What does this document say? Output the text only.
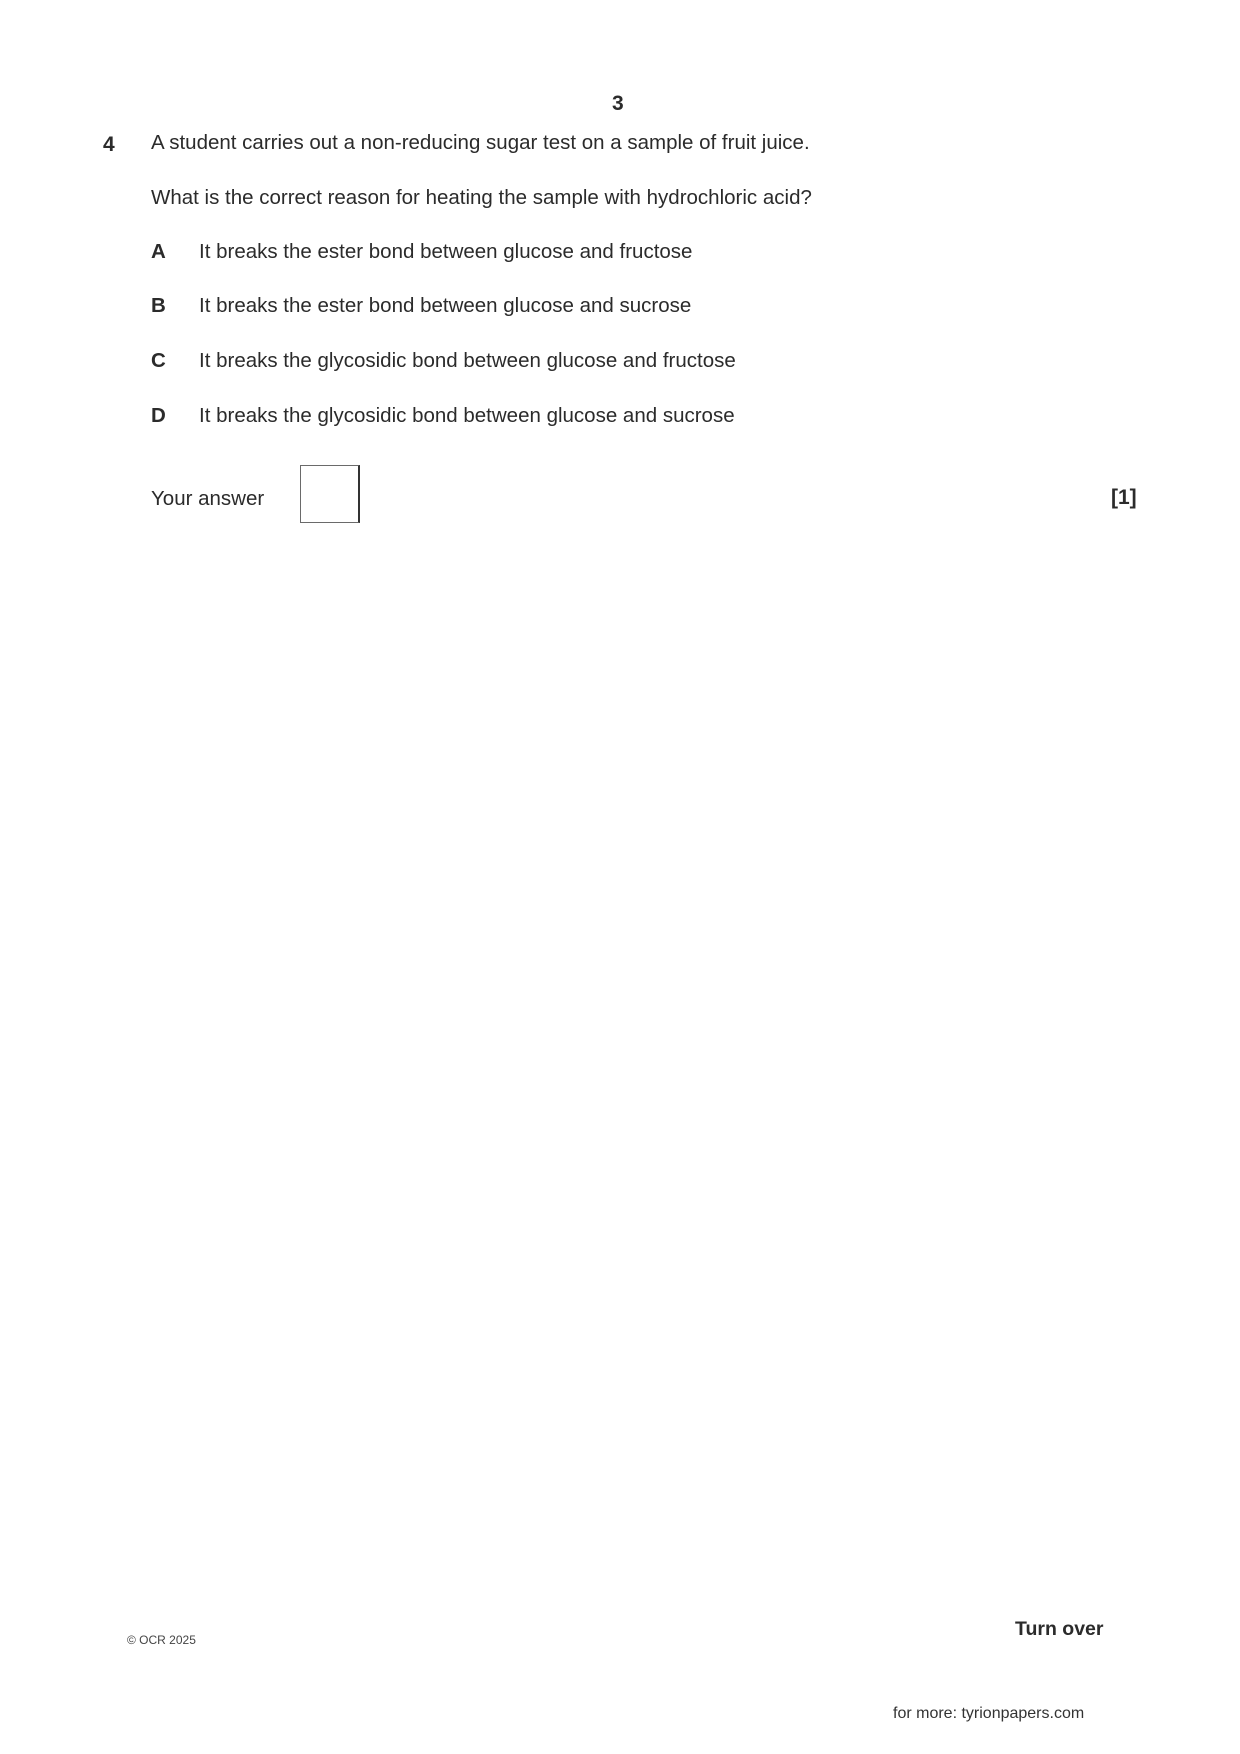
3
4 A student carries out a non-reducing sugar test on a sample of fruit juice.
What is the correct reason for heating the sample with hydrochloric acid?
A It breaks the ester bond between glucose and fructose
B It breaks the ester bond between glucose and sucrose
C It breaks the glycosidic bond between glucose and fructose
D It breaks the glycosidic bond between glucose and sucrose
Your answer	[1]
© OCR 2025	Turn over
for more: tyrionpapers.com
